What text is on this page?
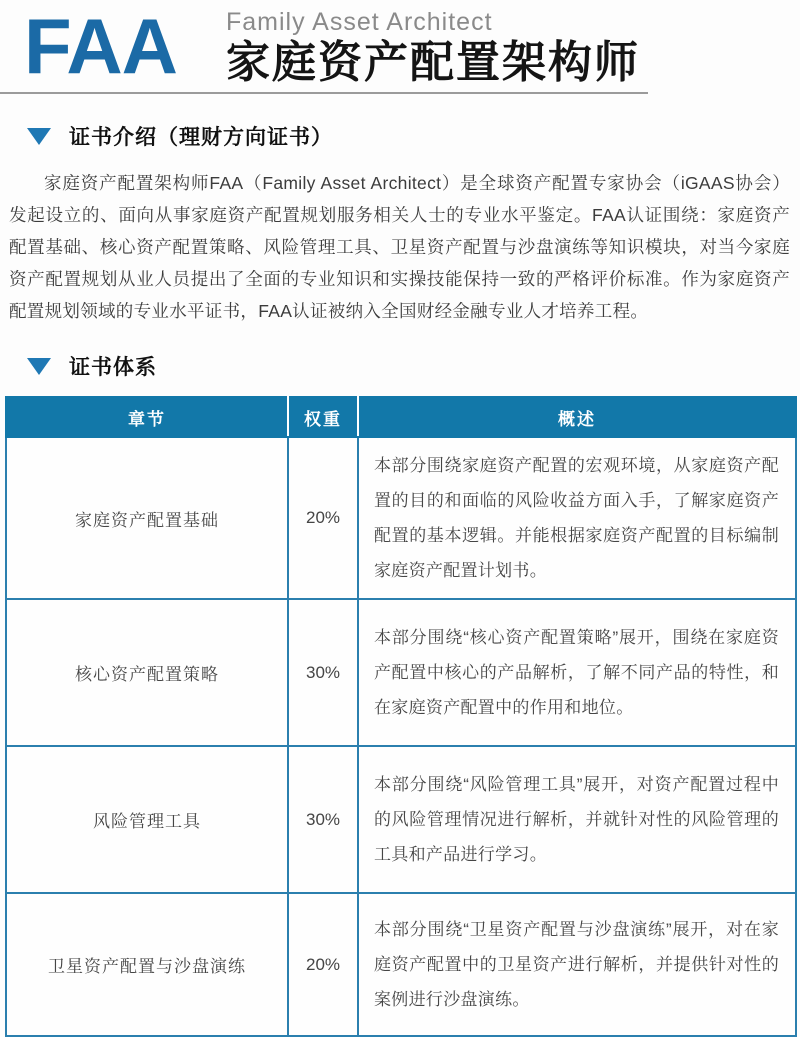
FAA Family Asset Architect
家庭资产配置架构师
证书介绍（理财方向证书）

家庭资产配置架构师FAA（Family Asset Architect）是全球资产配置专家协会（iGAAS协会）发起设立的、面向从事家庭资产配置规划服务相关人士的专业水平鉴定。FAA认证围绕：家庭资产配置基础、核心资产配置策略、风险管理工具、卫星资产配置与沙盘演练等知识模块，对当今家庭资产配置规划从业人员提出了全面的专业知识和实操技能保持一致的严格评价标准。作为家庭资产配置规划领域的专业水平证书，FAA认证被纳入全国财经金融专业人才培养工程。

证书体系
章节	权重	概述
家庭资产配置基础	20%	本部分围绕家庭资产配置的宏观环境，从家庭资产配置的目的和面临的风险收益方面入手，了解家庭资产配置的基本逻辑。并能根据家庭资产配置的目标编制家庭资产配置计划书。
核心资产配置策略	30%	本部分围绕“核心资产配置策略”展开，围绕在家庭资产配置中核心的产品解析，了解不同产品的特性，和在家庭资产配置中的作用和地位。
风险管理工具	30%	本部分围绕“风险管理工具”展开，对资产配置过程中的风险管理情况进行解析，并就针对性的风险管理的工具和产品进行学习。
卫星资产配置与沙盘演练	20%	本部分围绕“卫星资产配置与沙盘演练”展开，对在家庭资产配置中的卫星资产进行解析，并提供针对性的案例进行沙盘演练。
